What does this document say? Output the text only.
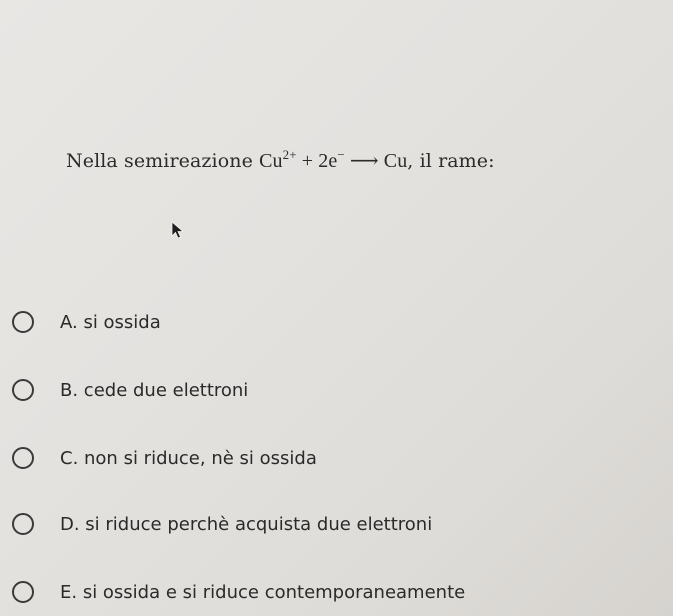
Nella semireazione $Cu^{2+} + 2e^-$ ⟶ Cu, il rame:
A. si ossida
B. cede due elettroni
C. non si riduce, nè si ossida
D. si riduce perchè acquista due elettroni
E. si ossida e si riduce contemporaneamente
